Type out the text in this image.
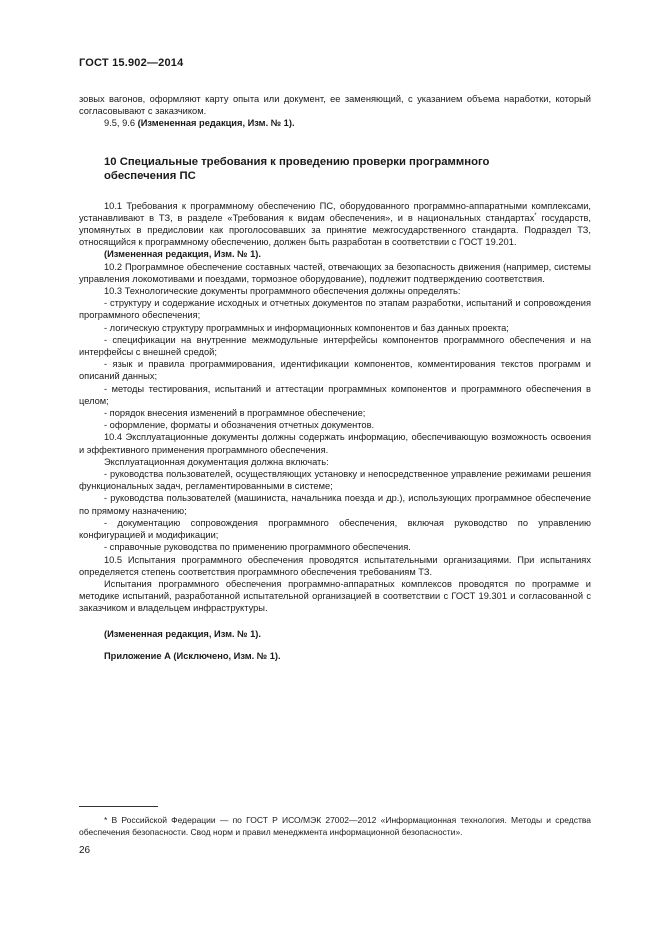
ГОСТ 15.902—2014

зовых вагонов, оформляют карту опыта или документ, ее заменяющий, с указанием объема наработки, который согласовывают с заказчиком.

9.5, 9.6 (Измененная редакция, Изм. № 1).

10 Специальные требования к проведению проверки программного обеспечения ПС

10.1 Требования к программному обеспечению ПС, оборудованного программно-аппаратными комплексами, устанавливают в ТЗ, в разделе «Требования к видам обеспечения», и в национальных стандартах* государств, упомянутых в предисловии как проголосовавших за принятие межгосударственного стандарта. Подраздел ТЗ, относящийся к программному обеспечению, должен быть разработан в соответствии с ГОСТ 19.201.

(Измененная редакция, Изм. № 1).

10.2 Программное обеспечение составных частей, отвечающих за безопасность движения (например, системы управления локомотивами и поездами, тормозное оборудование), подлежит подтверждению соответствия.

10.3 Технологические документы программного обеспечения должны определять:

- структуру и содержание исходных и отчетных документов по этапам разработки, испытаний и сопровождения программного обеспечения;

- логическую структуру программных и информационных компонентов и баз данных проекта;

- спецификации на внутренние межмодульные интерфейсы компонентов программного обеспечения и на интерфейсы с внешней средой;

- язык и правила программирования, идентификации компонентов, комментирования текстов программ и описаний данных;

- методы тестирования, испытаний и аттестации программных компонентов и программного обеспечения в целом;

- порядок внесения изменений в программное обеспечение;

- оформление, форматы и обозначения отчетных документов.

10.4 Эксплуатационные документы должны содержать информацию, обеспечивающую возможность освоения и эффективного применения программного обеспечения.

Эксплуатационная документация должна включать:

- руководства пользователей, осуществляющих установку и непосредственное управление режимами решения функциональных задач, регламентированными в системе;

- руководства пользователей (машиниста, начальника поезда и др.), использующих программное обеспечение по прямому назначению;

- документацию сопровождения программного обеспечения, включая руководство по управлению конфигурацией и модификации;

- справочные руководства по применению программного обеспечения.

10.5 Испытания программного обеспечения проводятся испытательными организациями. При испытаниях определяется степень соответствия программного обеспечения требованиям ТЗ.

Испытания программного обеспечения программно-аппаратных комплексов проводятся по программе и методике испытаний, разработанной испытательной организацией в соответствии с ГОСТ 19.301 и согласованной с заказчиком и владельцем инфраструктуры.

(Измененная редакция, Изм. № 1).

Приложение А (Исключено, Изм. № 1).

* В Российской Федерации — по ГОСТ Р ИСО/МЭК 27002—2012 «Информационная технология. Методы и средства обеспечения безопасности. Свод норм и правил менеджмента информационной безопасности».

26
